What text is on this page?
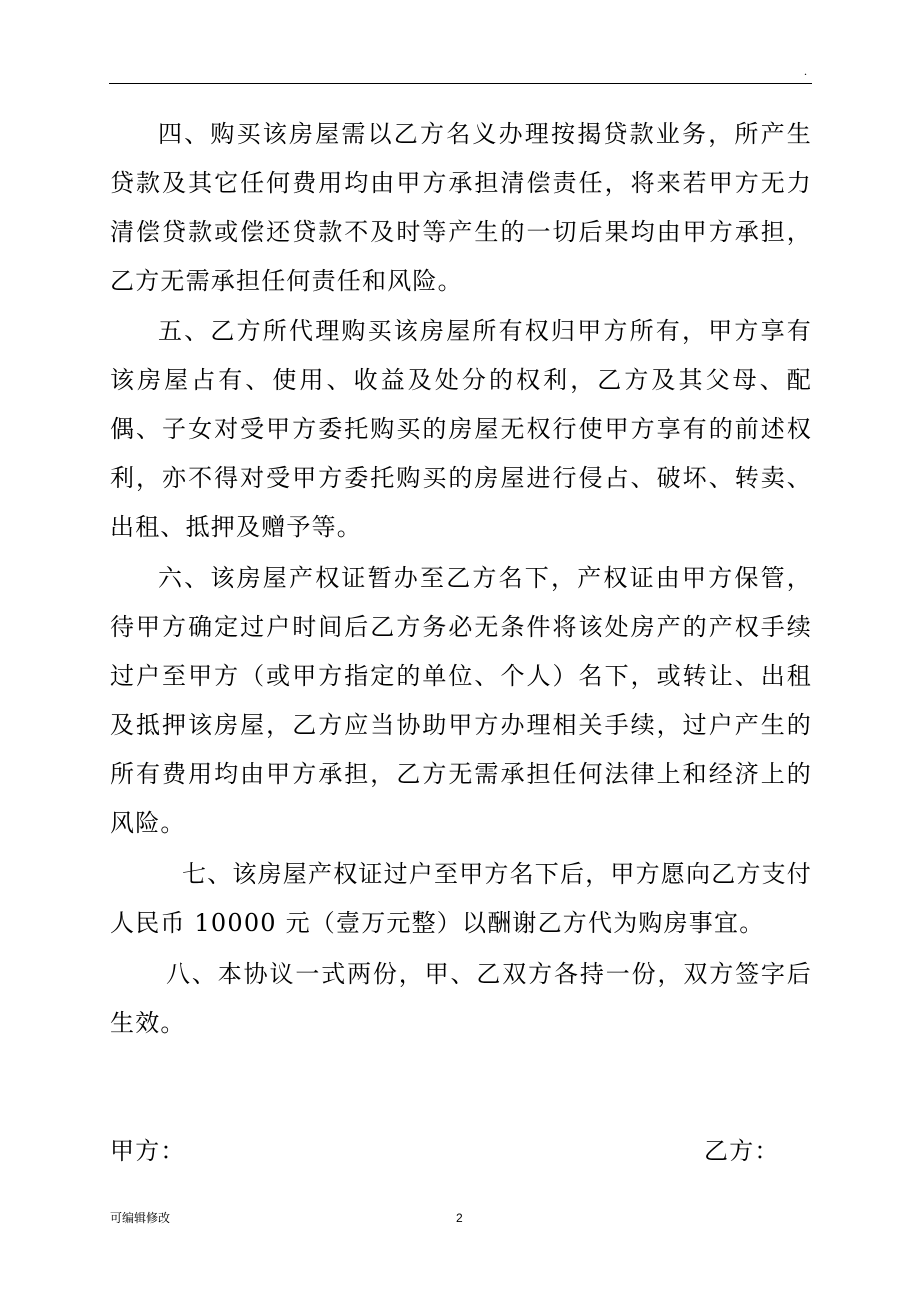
.

四、购买该房屋需以乙方名义办理按揭贷款业务，所产生贷款及其它任何费用均由甲方承担清偿责任，将来若甲方无力清偿贷款或偿还贷款不及时等产生的一切后果均由甲方承担，乙方无需承担任何责任和风险。

五、乙方所代理购买该房屋所有权归甲方所有，甲方享有该房屋占有、使用、收益及处分的权利，乙方及其父母、配偶、子女对受甲方委托购买的房屋无权行使甲方享有的前述权利，亦不得对受甲方委托购买的房屋进行侵占、破坏、转卖、出租、抵押及赠予等。

六、该房屋产权证暂办至乙方名下，产权证由甲方保管，待甲方确定过户时间后乙方务必无条件将该处房产的产权手续过户至甲方（或甲方指定的单位、个人）名下，或转让、出租及抵押该房屋，乙方应当协助甲方办理相关手续，过户产生的所有费用均由甲方承担，乙方无需承担任何法律上和经济上的风险。

七、该房屋产权证过户至甲方名下后，甲方愿向乙方支付人民币 10000 元（壹万元整）以酬谢乙方代为购房事宜。

八、本协议一式两份，甲、乙双方各持一份，双方签字后生效。

甲方：	乙方：
可编辑修改	2
